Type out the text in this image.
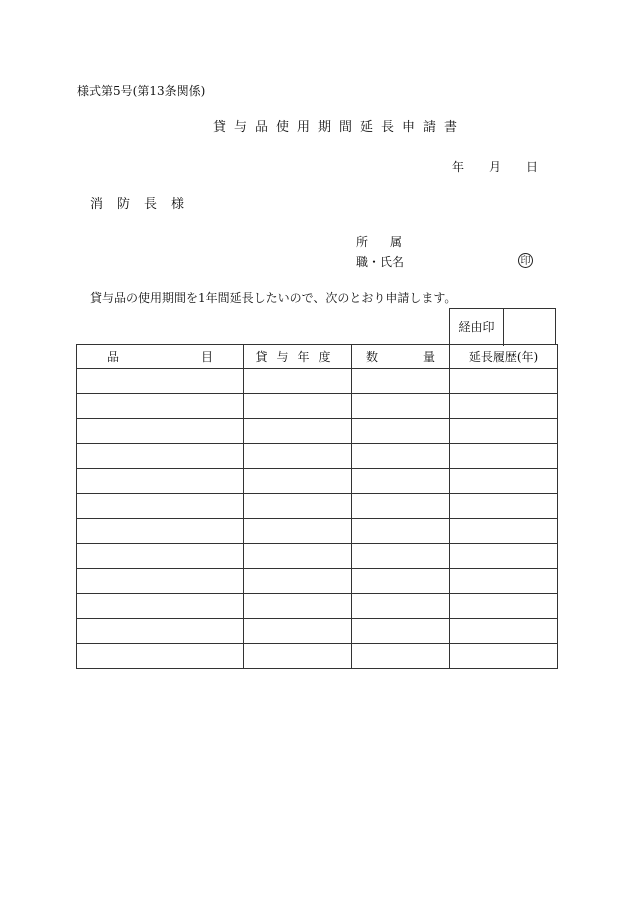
様式第5号(第13条関係)
貸与品使用期間延長申請書
年 月 日
消防長様
所属
職・氏名	印
貸与品の使用期間を1年間延長したいので、次のとおり申請します。
経由印
品 目	貸与年度	数 量	延長履歴(年)
